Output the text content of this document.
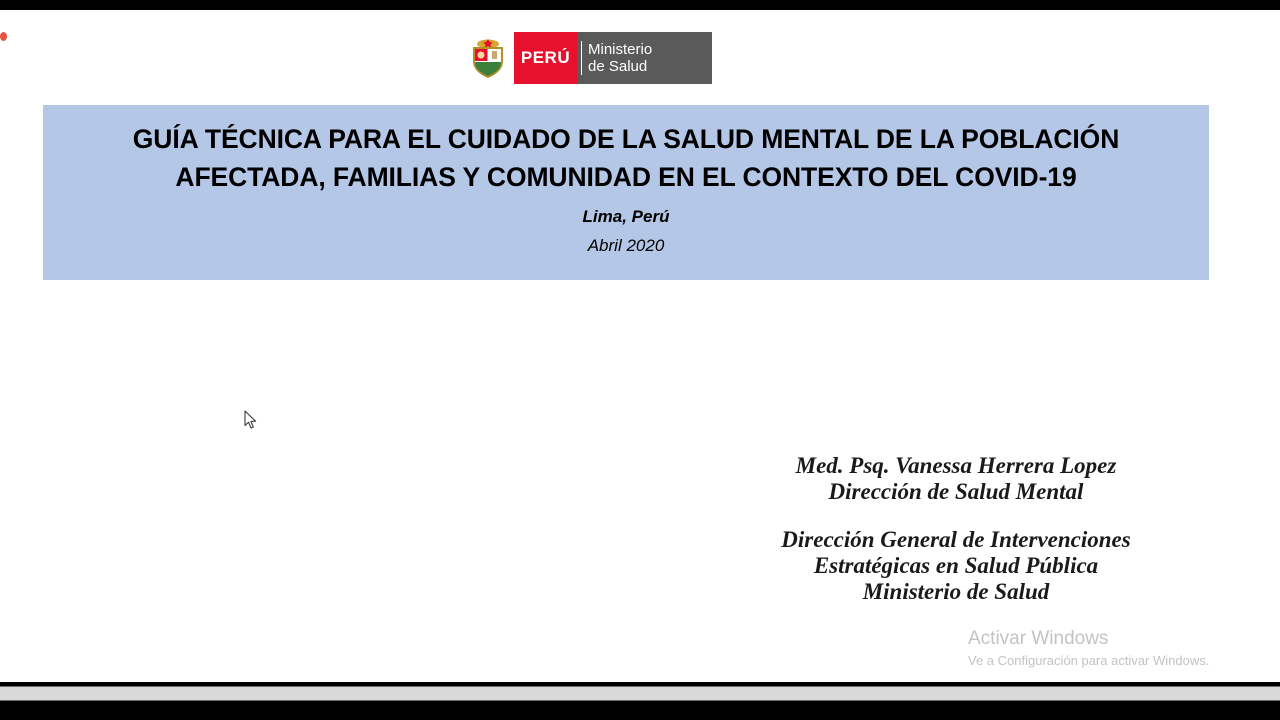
PERÚ	Ministerio
de Salud
GUÍA TÉCNICA PARA EL CUIDADO DE LA SALUD MENTAL DE LA POBLACIÓN
AFECTADA, FAMILIAS Y COMUNIDAD EN EL CONTEXTO DEL COVID-19
Lima, Perú
Abril 2020
Med. Psq. Vanessa Herrera Lopez
Dirección de Salud Mental
Dirección General de Intervenciones
Estratégicas en Salud Pública
Ministerio de Salud
Activar Windows
Ve a Configuración para activar Windows.
